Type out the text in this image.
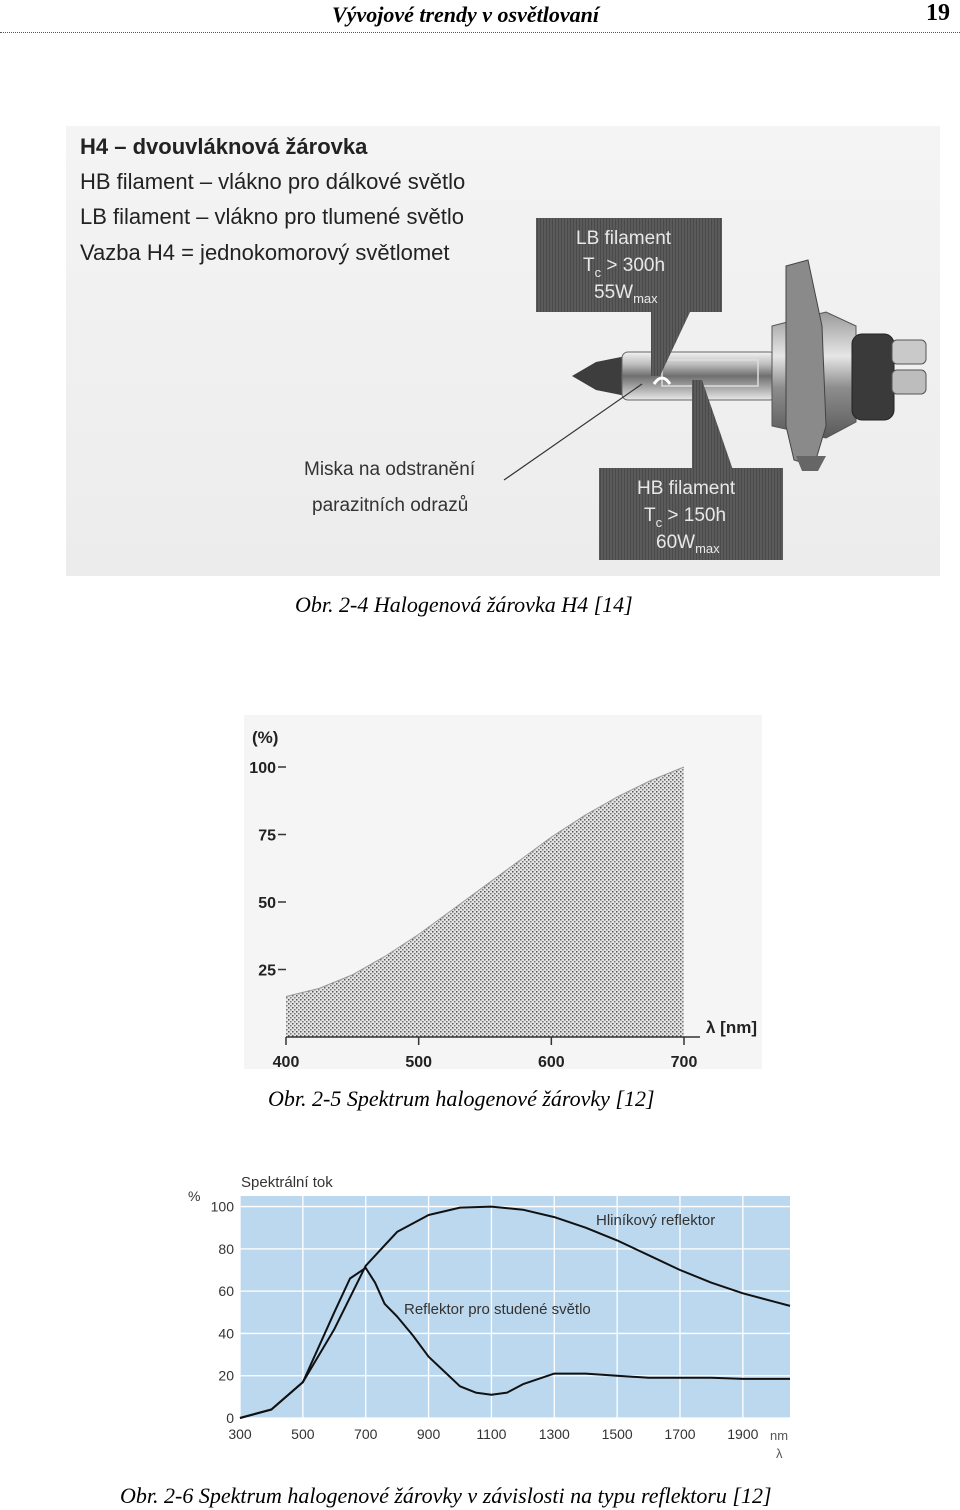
Vývojové trendy v osvětlovaní	19
H4 – dvouvláknová žárovka
HB filament – vlákno pro dálkové světlo
LB filament – vlákno pro tlumené světlo
Vazba H4 = jednokomorový světlomet
LB filament
$T_c > 300h$
$55W_{max}$
HB filament
$T_c > 150h$
$60W_{max}$
Miska na odstranění
parazitních odrazů
Obr. 2-4 Halogenová žárovka H4 [14]
400	500	600	700
25
50
75
100
(%)
λ [nm]
Obr. 2-5 Spektrum halogenové žárovky [12]
300	500	700	900	1100 1300 1500 1700 1900
0
20
40
60
80
100
Spektrální tok
%
nm
λ
Hliníkový reflektor
Reflektor pro studené světlo
Obr. 2-6 Spektrum halogenové žárovky v závislosti na typu reflektoru [12]
